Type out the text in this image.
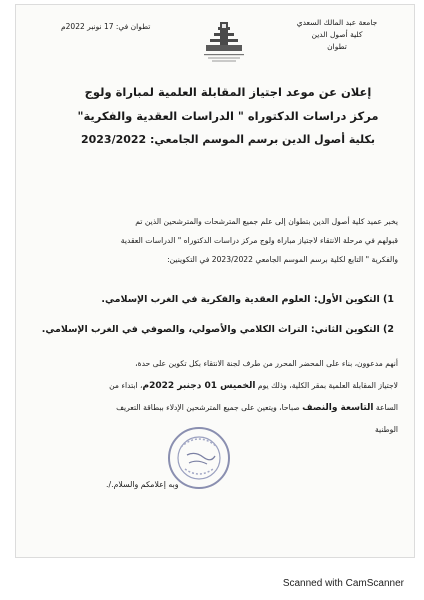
جامعة عبد المالك السعدي
كلية أصول الدين
تطوان
تطوان في: 17 نونبر 2022م
إعلان عن موعد اجتياز المقابلة العلمية لمباراة ولوج
مركز دراسات الدكتوراه " الدراسات العقدية والفكرية"
بكلية أصول الدين برسم الموسم الجامعي: 2023/2022
يخبر عميد كلية أصول الدين بتطوان إلى علم جميع المترشحات والمترشحين الذين تم
قبولهم في مرحلة الانتقاء لاجتياز مباراة ولوج مركز دراسات الدكتوراه " الدراسات العقدية
والفكرية " التابع لكلية برسم الموسم الجامعي 2023/2022 في التكوينين:
1) التكوين الأول: العلوم العقدية والفكرية في الغرب الإسلامي.
2) التكوين الثاني: التراث الكلامي والأصولي، والصوفي في الغرب الإسلامي.
أنهم مدعوون، بناء على المحضر المحرر من طرف لجنة الانتقاء بكل تكوين على حدة،
لاجتياز المقابلة العلمية بمقر الكلية، وذلك يوم الخميس 01 دجنبر 2022م، ابتداء من
الساعة التاسعة والنصف صباحا، ويتعين على جميع المترشحين الإدلاء ببطاقة التعريف
الوطنية
وبه إعلامكم والسلام./.
Scanned with CamScanner
